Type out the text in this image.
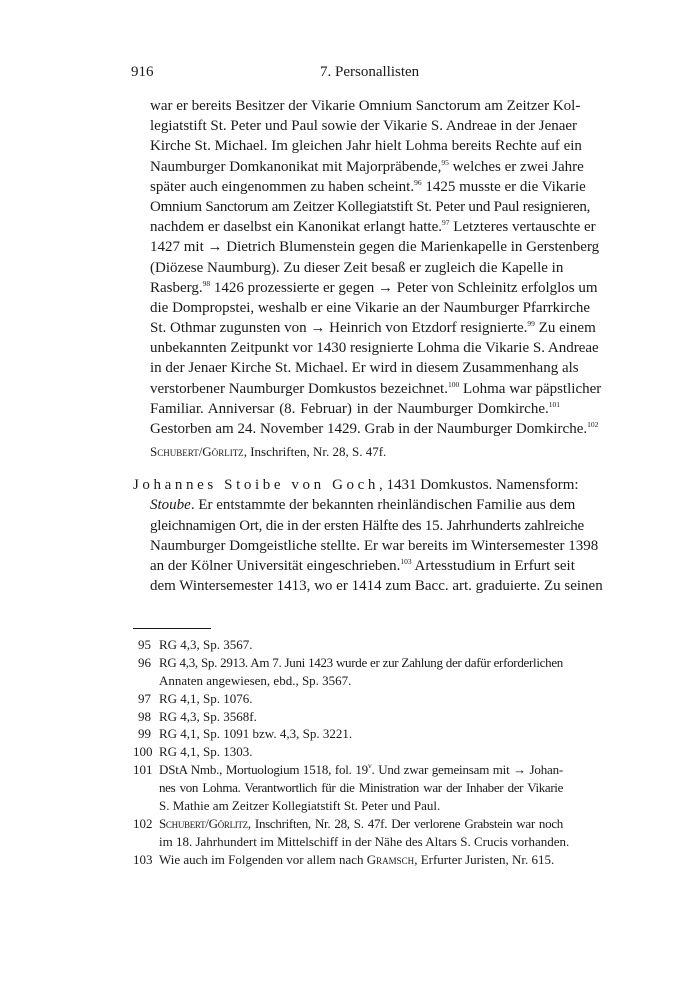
916	7. Personallisten
war er bereits Besitzer der Vikarie Omnium Sanctorum am Zeitzer Kol-
legiatstift St. Peter und Paul sowie der Vikarie S. Andreae in der Jenaer
Kirche St. Michael. Im gleichen Jahr hielt Lohma bereits Rechte auf ein
Naumburger Domkanonikat mit Majorpräbende,$^{95}$ welches er zwei Jahre
später auch eingenommen zu haben scheint.$^{96}$ 1425 musste er die Vikarie
Omnium Sanctorum am Zeitzer Kollegiatstift St. Peter und Paul resignieren,
nachdem er daselbst ein Kanonikat erlangt hatte.$^{97}$ Letzteres vertauschte er
1427 mit → Dietrich Blumenstein gegen die Marienkapelle in Gerstenberg
(Diözese Naumburg). Zu dieser Zeit besaß er zugleich die Kapelle in
Rasberg.$^{98}$ 1426 prozessierte er gegen → Peter von Schleinitz erfolglos um
die Dompropstei, weshalb er eine Vikarie an der Naumburger Pfarrkirche
St. Othmar zugunsten von → Heinrich von Etzdorf resignierte.$^{99}$ Zu einem
unbekannten Zeitpunkt vor 1430 resignierte Lohma die Vikarie S. Andreae
in der Jenaer Kirche St. Michael. Er wird in diesem Zusammenhang als
verstorbener Naumburger Domkustos bezeichnet.$^{100}$ Lohma war päpstlicher
Familiar. Anniversar (8. Februar) in der Naumburger Domkirche.$^{101}$
Gestorben am 24. November 1429. Grab in der Naumburger Domkirche.$^{102}$
Schubert/Görlitz, Inschriften, Nr. 28, S. 47f.
Johannes Stoibe von Goch, 1431 Domkustos. Namensform:
Stoube. Er entstammte der bekannten rheinländischen Familie aus dem
gleichnamigen Ort, die in der ersten Hälfte des 15. Jahrhunderts zahlreiche
Naumburger Domgeistliche stellte. Er war bereits im Wintersemester 1398
an der Kölner Universität eingeschrieben.$^{103}$ Artesstudium in Erfurt seit
dem Wintersemester 1413, wo er 1414 zum Bacc. art. graduierte. Zu seinen
95 RG 4,3, Sp. 3567.
96 RG 4,3, Sp. 2913. Am 7. Juni 1423 wurde er zur Zahlung der dafür erforderlichen
Annaten angewiesen, ebd., Sp. 3567.
97 RG 4,1, Sp. 1076.
98 RG 4,3, Sp. 3568f.
99 RG 4,1, Sp. 1091 bzw. 4,3, Sp. 3221.
100 RG 4,1, Sp. 1303.
101 DStA Nmb., Mortuologium 1518, fol. 19$^v$. Und zwar gemeinsam mit → Johan-
nes von Lohma. Verantwortlich für die Ministration war der Inhaber der Vikarie
S. Mathie am Zeitzer Kollegiatstift St. Peter und Paul.
102 Schubert/Görlitz, Inschriften, Nr. 28, S. 47f. Der verlorene Grabstein war noch
im 18. Jahrhundert im Mittelschiff in der Nähe des Altars S. Crucis vorhanden.
103 Wie auch im Folgenden vor allem nach Gramsch, Erfurter Juristen, Nr. 615.
